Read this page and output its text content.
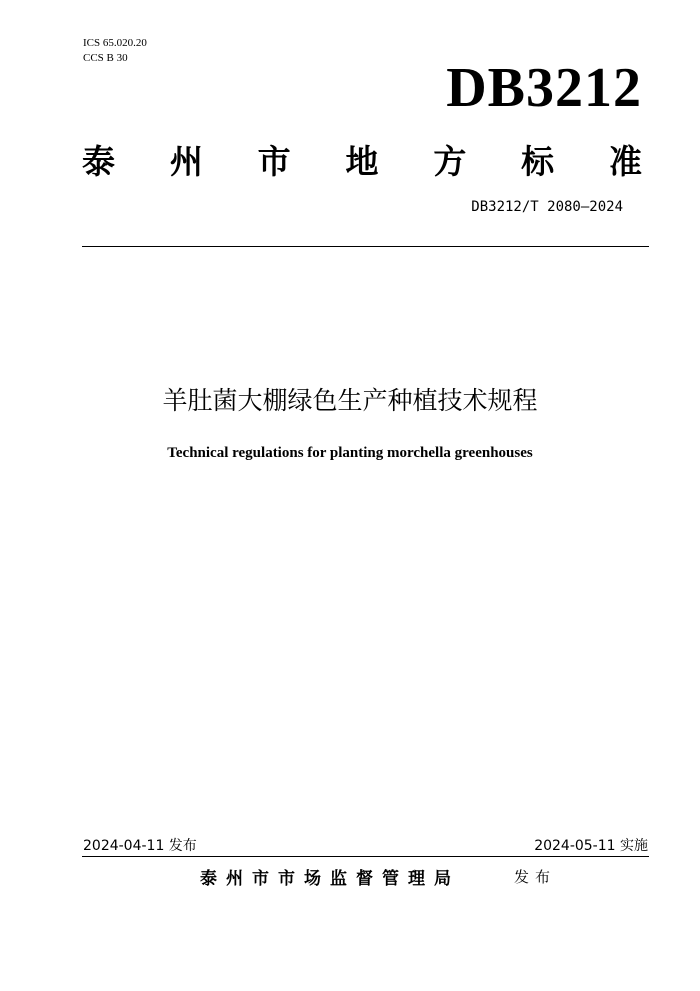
ICS 65.020.20
CCS B 30	DB3212
泰 州 市 地 方 标 准
DB3212/T 2080—2024
羊肚菌大棚绿色生产种植技术规程
Technical regulations for planting morchella greenhouses
2024-04-11 发布	2024-05-11 实施
泰州市市场监督管理局	发布
